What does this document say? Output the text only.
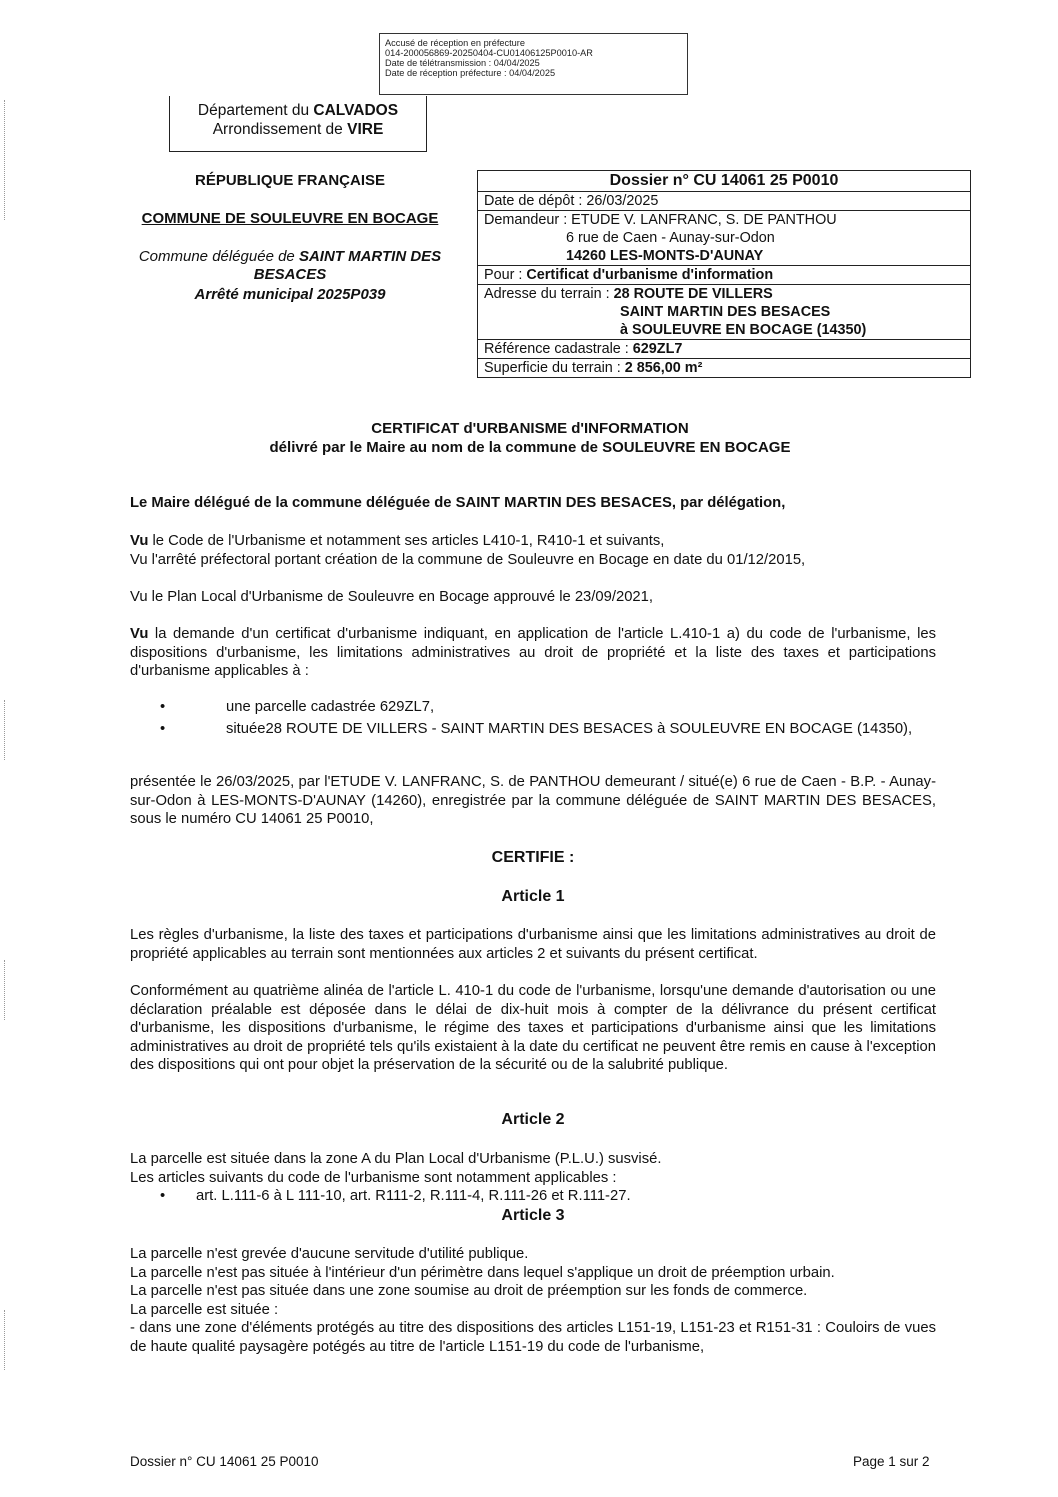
Accusé de réception en préfecture
014-200056869-20250404-CU01406125P0010-AR
Date de télétransmission : 04/04/2025
Date de réception préfecture : 04/04/2025
Département du CALVADOS
Arrondissement de VIRE
RÉPUBLIQUE FRANÇAISE
COMMUNE DE SOULEUVRE EN BOCAGE
Commune déléguée de SAINT MARTIN DES BESACES
Arrêté municipal 2025P039
Dossier n° CU 14061 25 P0010
Date de dépôt : 26/03/2025
Demandeur : ETUDE V. LANFRANC, S. DE PANTHOU
6 rue de Caen - Aunay-sur-Odon
14260 LES-MONTS-D'AUNAY
Pour : Certificat d'urbanisme d'information
Adresse du terrain : 28 ROUTE DE VILLERS
SAINT MARTIN DES BESACES
à SOULEUVRE EN BOCAGE (14350)
Référence cadastrale : 629ZL7
Superficie du terrain : 2 856,00 m²
CERTIFICAT d'URBANISME d'INFORMATION
délivré par le Maire au nom de la commune de SOULEUVRE EN BOCAGE
Le Maire délégué de la commune déléguée de SAINT MARTIN DES BESACES, par délégation,

Vu le Code de l'Urbanisme et notamment ses articles L410-1, R410-1 et suivants,

Vu l'arrêté préfectoral portant création de la commune de Souleuvre en Bocage en date du 01/12/2015,

Vu le Plan Local d'Urbanisme de Souleuvre en Bocage approuvé le 23/09/2021,

Vu la demande d'un certificat d'urbanisme indiquant, en application de l'article L.410-1 a) du code de l'urbanisme, les dispositions d'urbanisme, les limitations administratives au droit de propriété et la liste des taxes et participations d'urbanisme applicables à :

•	une parcelle cadastrée 629ZL7,
•	située28 ROUTE DE VILLERS - SAINT MARTIN DES BESACES à SOULEUVRE EN BOCAGE (14350),
présentée le 26/03/2025, par l'ETUDE V. LANFRANC, S. de PANTHOU demeurant / situé(e) 6 rue de Caen - B.P. - Aunay-sur-Odon à LES-MONTS-D'AUNAY (14260), enregistrée par la commune déléguée de SAINT MARTIN DES BESACES, sous le numéro CU 14061 25 P0010,
CERTIFIE :
Article 1
Les règles d'urbanisme, la liste des taxes et participations d'urbanisme ainsi que les limitations administratives au droit de propriété applicables au terrain sont mentionnées aux articles 2 et suivants du présent certificat.
Conformément au quatrième alinéa de l'article L. 410-1 du code de l'urbanisme, lorsqu'une demande d'autorisation ou une déclaration préalable est déposée dans le délai de dix-huit mois à compter de la délivrance du présent certificat d'urbanisme, les dispositions d'urbanisme, le régime des taxes et participations d'urbanisme ainsi que les limitations administratives au droit de propriété tels qu'ils existaient à la date du certificat ne peuvent être remis en cause à l'exception des dispositions qui ont pour objet la préservation de la sécurité ou de la salubrité publique.
Article 2

La parcelle est située dans la zone A du Plan Local d'Urbanisme (P.L.U.) susvisé.

Les articles suivants du code de l'urbanisme sont notamment applicables :

• art. L.111-6 à L 111-10, art. R111-2, R.111-4, R.111-26 et R.111-27.
Article 3

La parcelle n'est grevée d'aucune servitude d'utilité publique.

La parcelle n'est pas située à l'intérieur d'un périmètre dans lequel s'applique un droit de préemption urbain.

La parcelle n'est pas située dans une zone soumise au droit de préemption sur les fonds de commerce.

La parcelle est située :

- dans une zone d'éléments protégés au titre des dispositions des articles L151-19, L151-23 et R151-31 : Couloirs de vues de haute qualité paysagère potégés au titre de l'article L151-19 du code de l'urbanisme,

Dossier n° CU 14061 25 P0010	Page 1 sur 2
